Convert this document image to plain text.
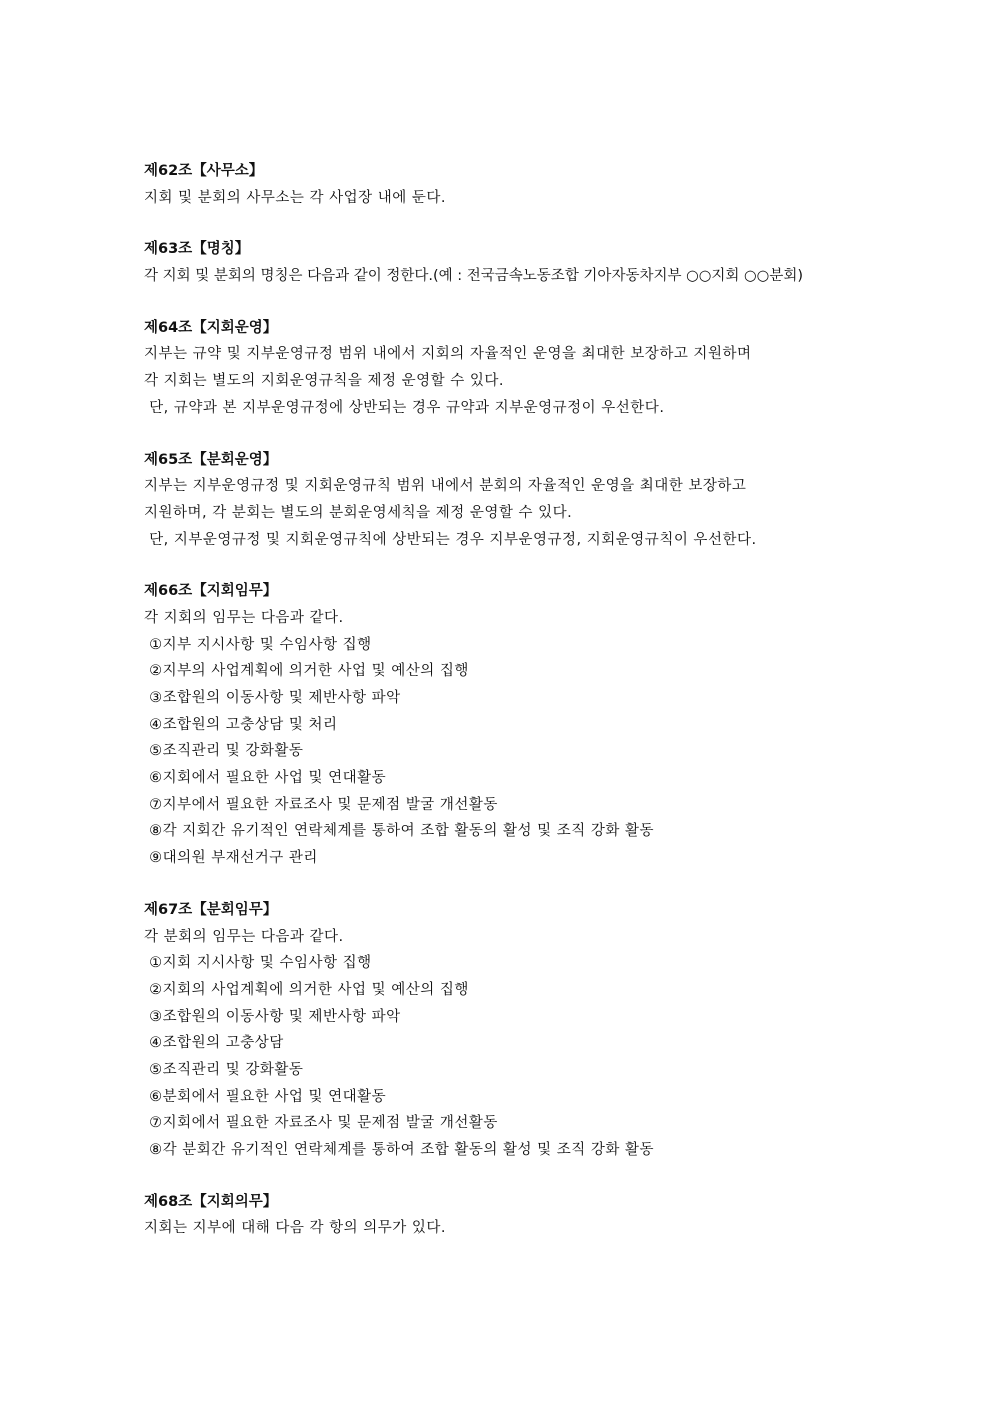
제62조【사무소】
지회 및 분회의 사무소는 각 사업장 내에 둔다.
제63조【명칭】
각 지회 및 분회의 명칭은 다음과 같이 정한다.(예 : 전국금속노동조합 기아자동차지부 ○○지회 ○○분회)
제64조【지회운영】
지부는 규약 및 지부운영규정 범위 내에서 지회의 자율적인 운영을 최대한 보장하고 지원하며
각 지회는 별도의 지회운영규칙을 제정 운영할 수 있다.
단, 규약과 본 지부운영규정에 상반되는 경우 규약과 지부운영규정이 우선한다.
제65조【분회운영】
지부는 지부운영규정 및 지회운영규칙 범위 내에서 분회의 자율적인 운영을 최대한 보장하고
지원하며, 각 분회는 별도의 분회운영세칙을 제정 운영할 수 있다.
단, 지부운영규정 및 지회운영규칙에 상반되는 경우 지부운영규정, 지회운영규칙이 우선한다.
제66조【지회임무】
각 지회의 임무는 다음과 같다.
①지부 지시사항 및 수임사항 집행
②지부의 사업계획에 의거한 사업 및 예산의 집행
③조합원의 이동사항 및 제반사항 파악
④조합원의 고충상담 및 처리
⑤조직관리 및 강화활동
⑥지회에서 필요한 사업 및 연대활동
⑦지부에서 필요한 자료조사 및 문제점 발굴 개선활동
⑧각 지회간 유기적인 연락체계를 통하여 조합 활동의 활성 및 조직 강화 활동
⑨대의원 부재선거구 관리
제67조【분회임무】
각 분회의 임무는 다음과 같다.
①지회 지시사항 및 수임사항 집행
②지회의 사업계획에 의거한 사업 및 예산의 집행
③조합원의 이동사항 및 제반사항 파악
④조합원의 고충상담
⑤조직관리 및 강화활동
⑥분회에서 필요한 사업 및 연대활동
⑦지회에서 필요한 자료조사 및 문제점 발굴 개선활동
⑧각 분회간 유기적인 연락체계를 통하여 조합 활동의 활성 및 조직 강화 활동
제68조【지회의무】
지회는 지부에 대해 다음 각 항의 의무가 있다.
